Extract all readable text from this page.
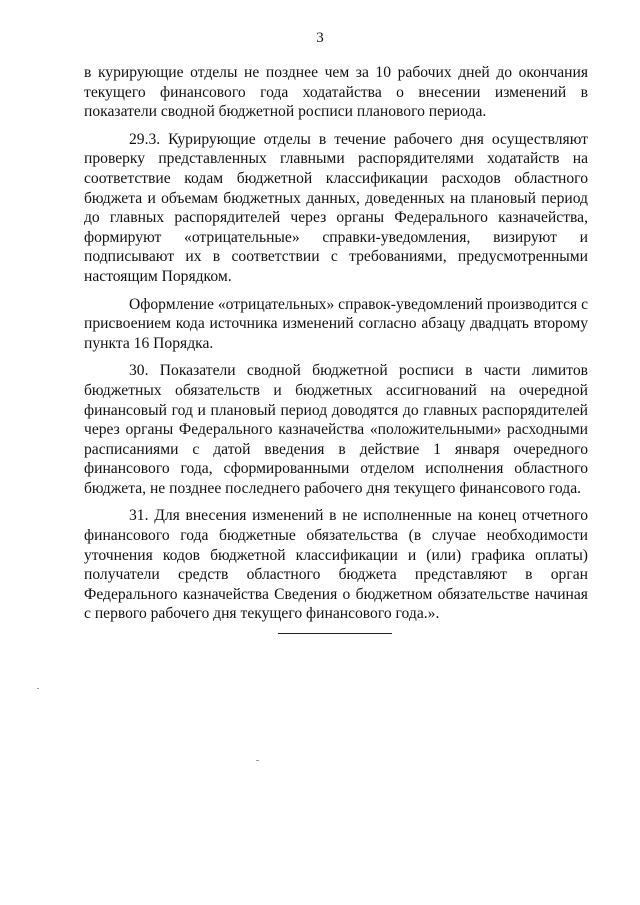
3

в курирующие отделы не позднее чем за 10 рабочих дней до окончания текущего финансового года ходатайства о внесении изменений в показатели сводной бюджетной росписи планового периода.

29.3. Курирующие отделы в течение рабочего дня осуществляют проверку представленных главными распорядителями ходатайств на соответствие кодам бюджетной классификации расходов областного бюджета и объемам бюджетных данных, доведенных на плановый период до главных распорядителей через органы Федерального казначейства, формируют «отрицательные» справки-уведомления, визируют и подписывают их в соответствии с требованиями, предусмотренными настоящим Порядком.

Оформление «отрицательных» справок-уведомлений производится с присвоением кода источника изменений согласно абзацу двадцать второму пункта 16 Порядка.

30. Показатели сводной бюджетной росписи в части лимитов бюджетных обязательств и бюджетных ассигнований на очередной финансовый год и плановый период доводятся до главных распорядителей через органы Федерального казначейства «положительными» расходными расписаниями с датой введения в действие 1 января очередного финансового года, сформированными отделом исполнения областного бюджета, не позднее последнего рабочего дня текущего финансового года.

31. Для внесения изменений в не исполненные на конец отчетного финансового года бюджетные обязательства (в случае необходимости уточнения кодов бюджетной классификации и (или) графика оплаты) получатели средств областного бюджета представляют в орган Федерального казначейства Сведения о бюджетном обязательстве начиная с первого рабочего дня текущего финансового года.».
